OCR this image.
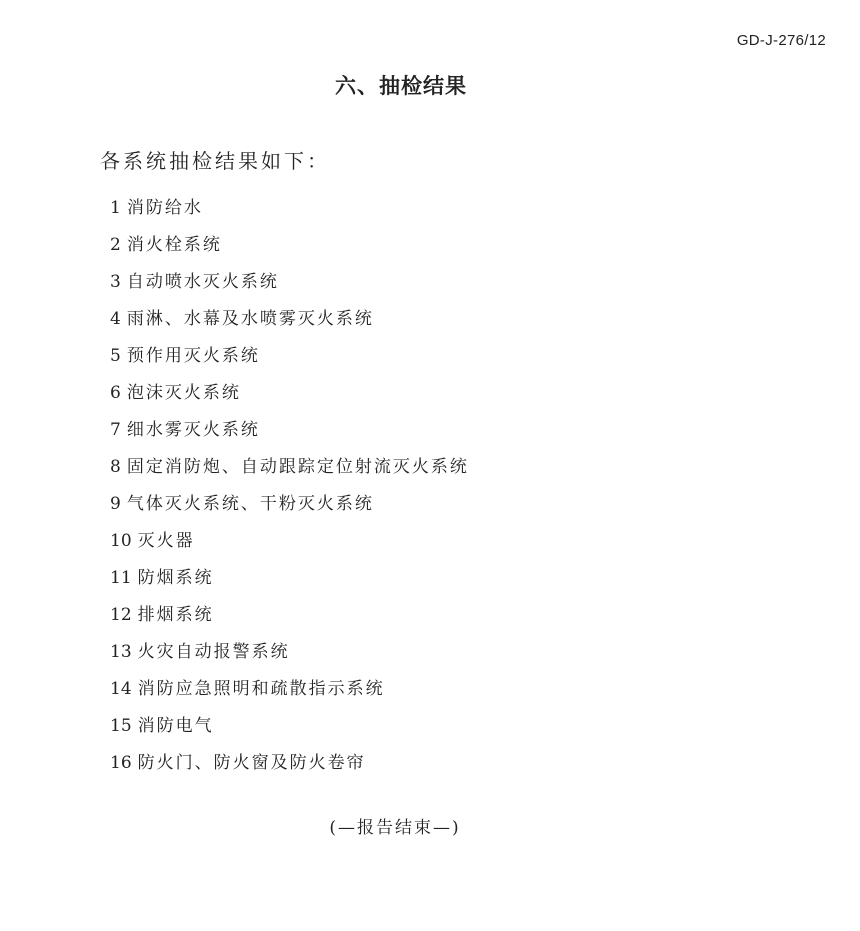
GD-J-276/12
六、抽检结果
各系统抽检结果如下：
1 消防给水
2 消火栓系统
3 自动喷水灭火系统
4 雨淋、水幕及水喷雾灭火系统
5 预作用灭火系统
6 泡沫灭火系统
7 细水雾灭火系统
8 固定消防炮、自动跟踪定位射流灭火系统
9 气体灭火系统、干粉灭火系统
10 灭火器
11 防烟系统
12 排烟系统
13 火灾自动报警系统
14 消防应急照明和疏散指示系统
15 消防电气
16 防火门、防火窗及防火卷帘
(—报告结束—)
